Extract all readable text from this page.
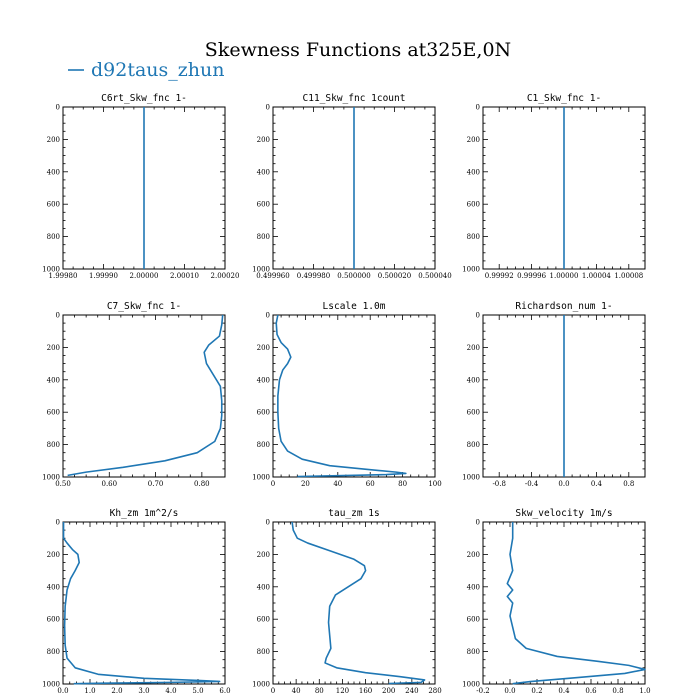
Skewness Functions at325E,0N
d92taus_zhun
C6rt_Skw_fnc 1-
0
200
400
600
800
1000
1.99980 1.99990 2.00000 2.00010 2.00020
C11_Skw_fnc 1count
0
200
400
600
800
1000
0.499960 0.499980 0.500000 0.500020 0.500040
C1_Skw_fnc 1-
0
200
400
600
800
1000
0.99992 0.99996 1.00000 1.00004 1.00008
C7_Skw_fnc 1-
0
200
400
600
800
1000
0.50	0.60	0.70	0.80
Lscale 1.0m
0
200
400
600
800
1000
0	20	40	60	80	100
Richardson_num 1-
0
200
400
600
800
1000
-0.8	-0.4	0.0	0.4	0.8
Kh_zm 1m^2/s
0
200
400
600
800
1000
0.0 1.0 2.0 3.0 4.0 5.0 6.0
tau_zm 1s
0
200
400
600
800
1000
0 40 80 120 160 200 240 280
Skw_velocity 1m/s
0
200
400
600
800
1000
-0.2 0.0 0.2 0.4 0.6 0.8 1.0
